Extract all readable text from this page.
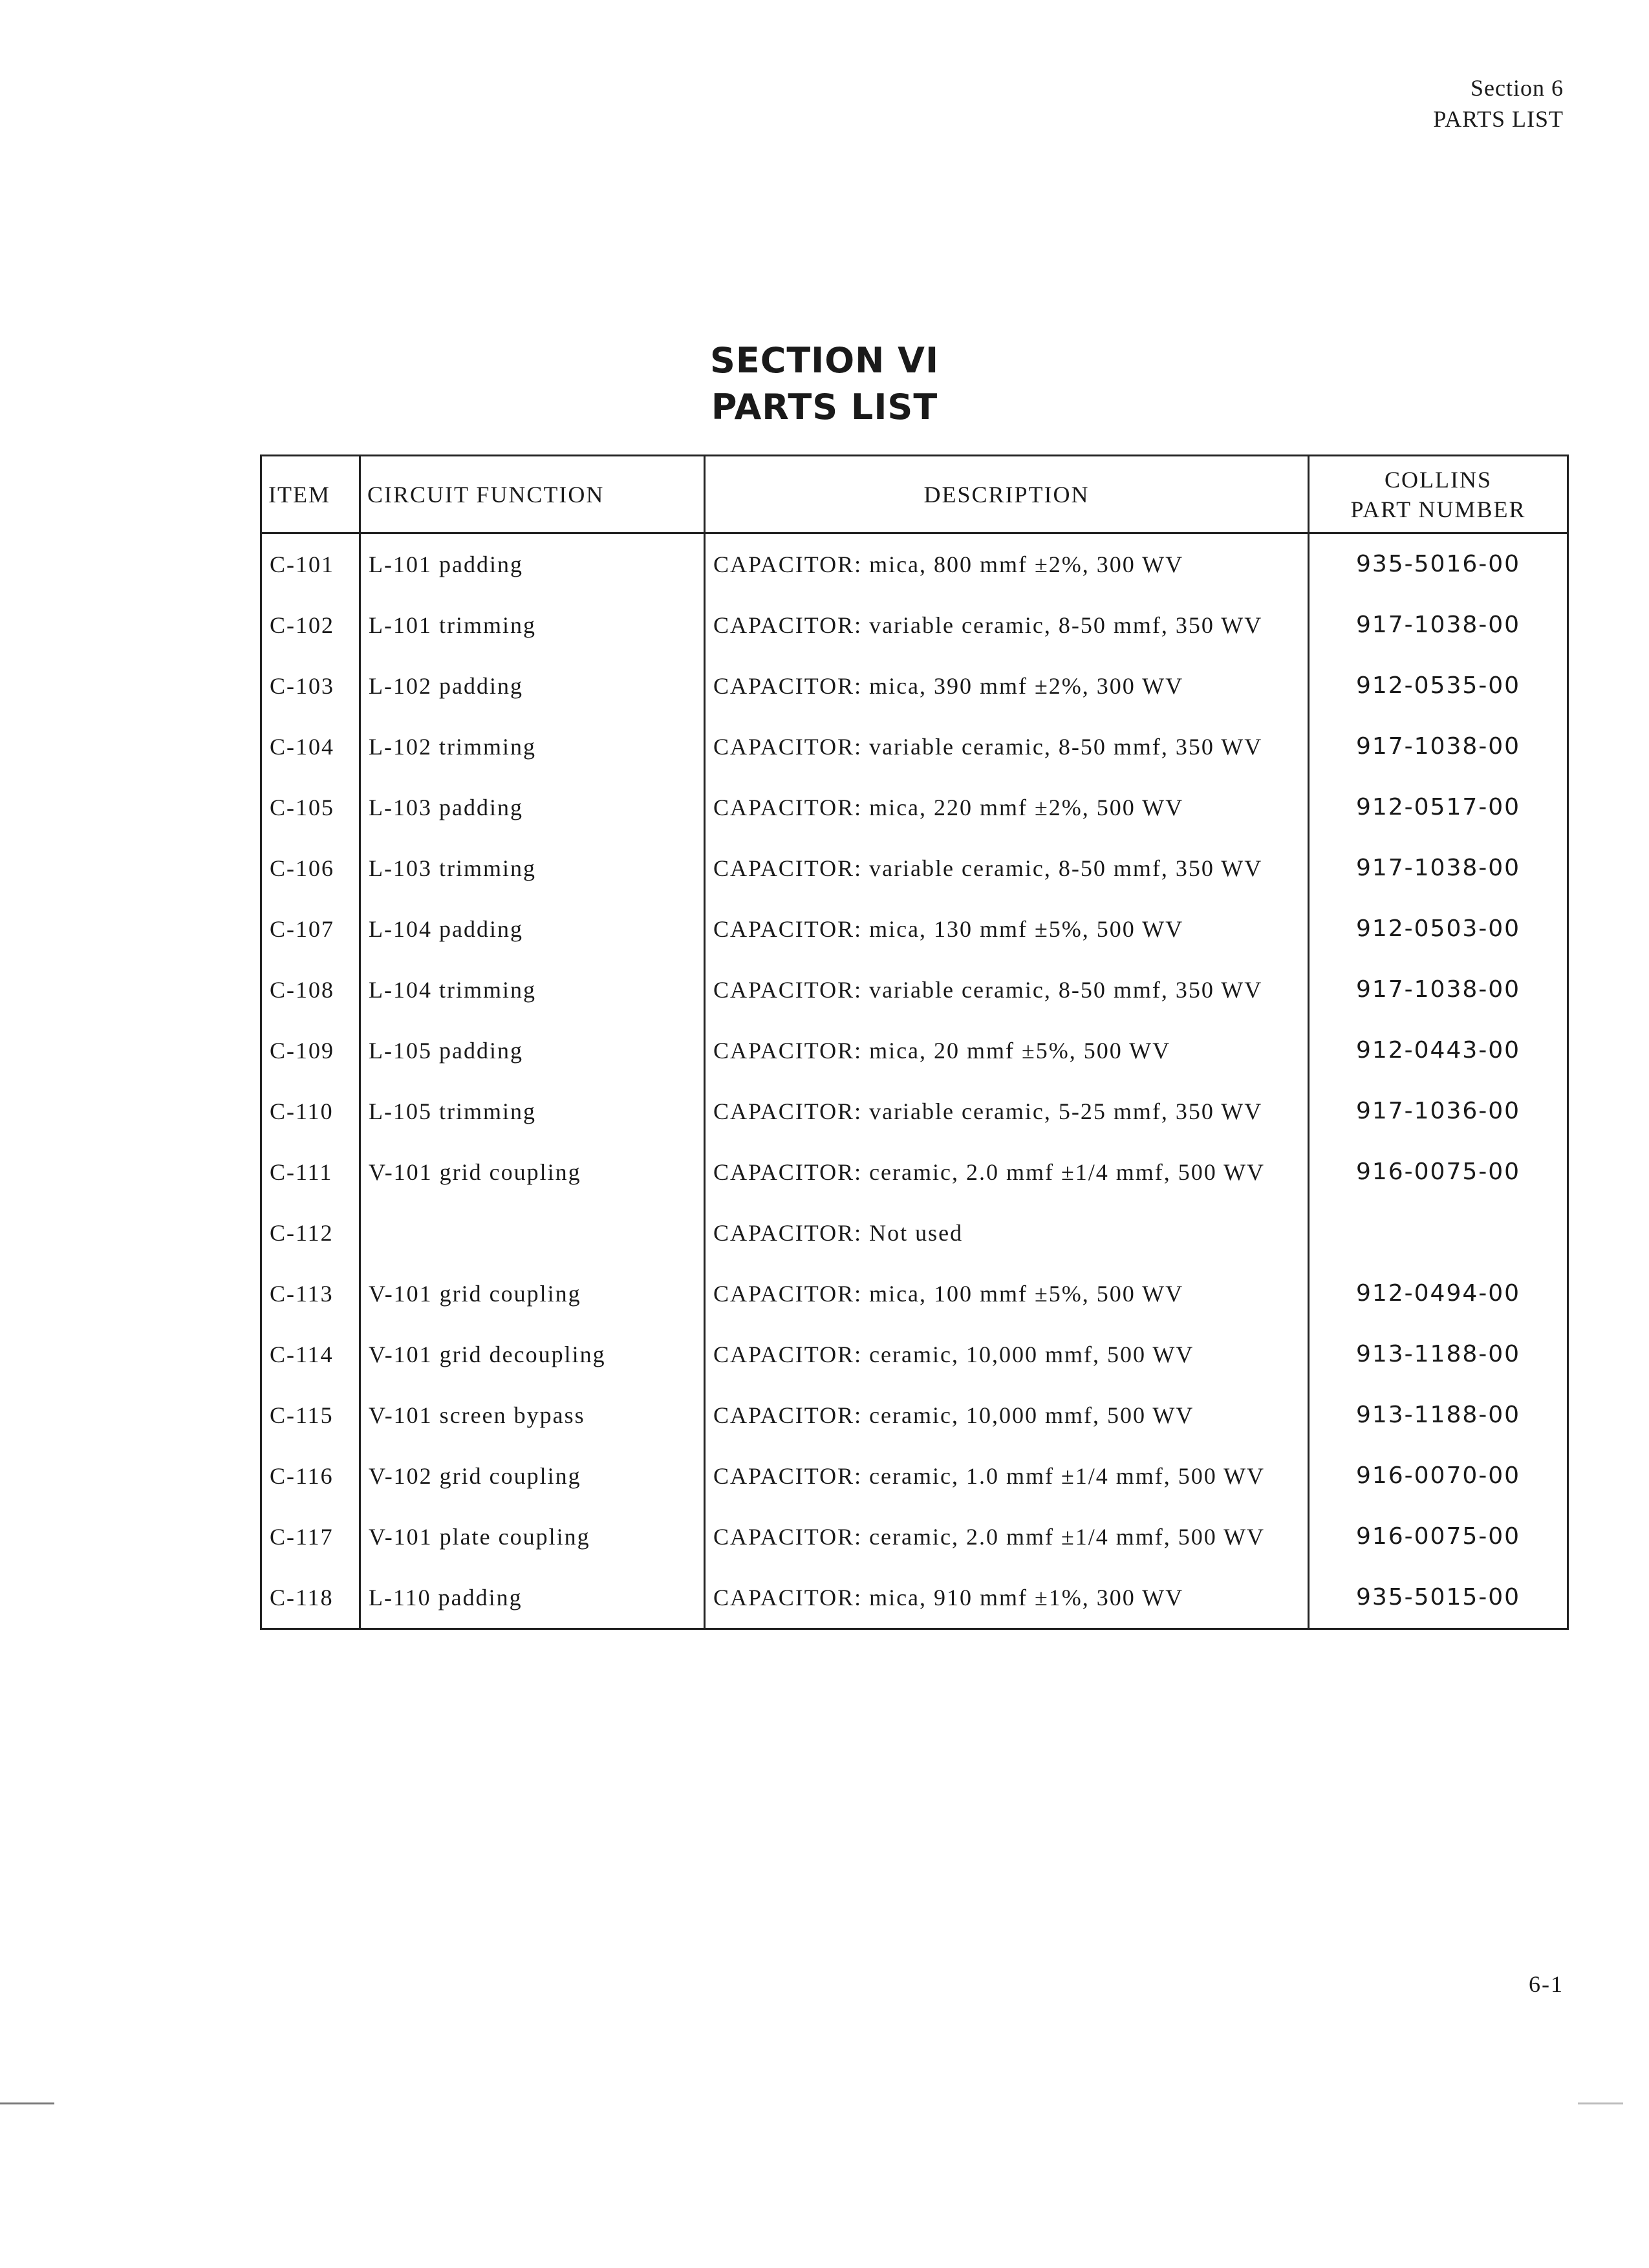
Section 6
PARTS LIST
SECTION VI
PARTS LIST
ITEM	CIRCUIT FUNCTION	DESCRIPTION	COLLINS
PART NUMBER

C-101	L-101 padding	CAPACITOR: mica, 800 mmf ±2%, 300 WV	935-5016-00
C-102	L-101 trimming	CAPACITOR: variable ceramic, 8-50 mmf, 350 WV	917-1038-00
C-103	L-102 padding	CAPACITOR: mica, 390 mmf ±2%, 300 WV	912-0535-00
C-104	L-102 trimming	CAPACITOR: variable ceramic, 8-50 mmf, 350 WV	917-1038-00
C-105	L-103 padding	CAPACITOR: mica, 220 mmf ±2%, 500 WV	912-0517-00
C-106	L-103 trimming	CAPACITOR: variable ceramic, 8-50 mmf, 350 WV	917-1038-00
C-107	L-104 padding	CAPACITOR: mica, 130 mmf ±5%, 500 WV	912-0503-00
C-108	L-104 trimming	CAPACITOR: variable ceramic, 8-50 mmf, 350 WV	917-1038-00
C-109	L-105 padding	CAPACITOR: mica, 20 mmf ±5%, 500 WV	912-0443-00
C-110	L-105 trimming	CAPACITOR: variable ceramic, 5-25 mmf, 350 WV	917-1036-00
C-111	V-101 grid coupling	CAPACITOR: ceramic, 2.0 mmf ±1/4 mmf, 500 WV	916-0075-00
C-112		CAPACITOR: Not used	
C-113	V-101 grid coupling	CAPACITOR: mica, 100 mmf ±5%, 500 WV	912-0494-00
C-114	V-101 grid decoupling	CAPACITOR: ceramic, 10,000 mmf, 500 WV	913-1188-00
C-115	V-101 screen bypass	CAPACITOR: ceramic, 10,000 mmf, 500 WV	913-1188-00
C-116	V-102 grid coupling	CAPACITOR: ceramic, 1.0 mmf ±1/4 mmf, 500 WV	916-0070-00
C-117	V-101 plate coupling	CAPACITOR: ceramic, 2.0 mmf ±1/4 mmf, 500 WV	916-0075-00
C-118	L-110 padding	CAPACITOR: mica, 910 mmf ±1%, 300 WV	935-5015-00
6-1
